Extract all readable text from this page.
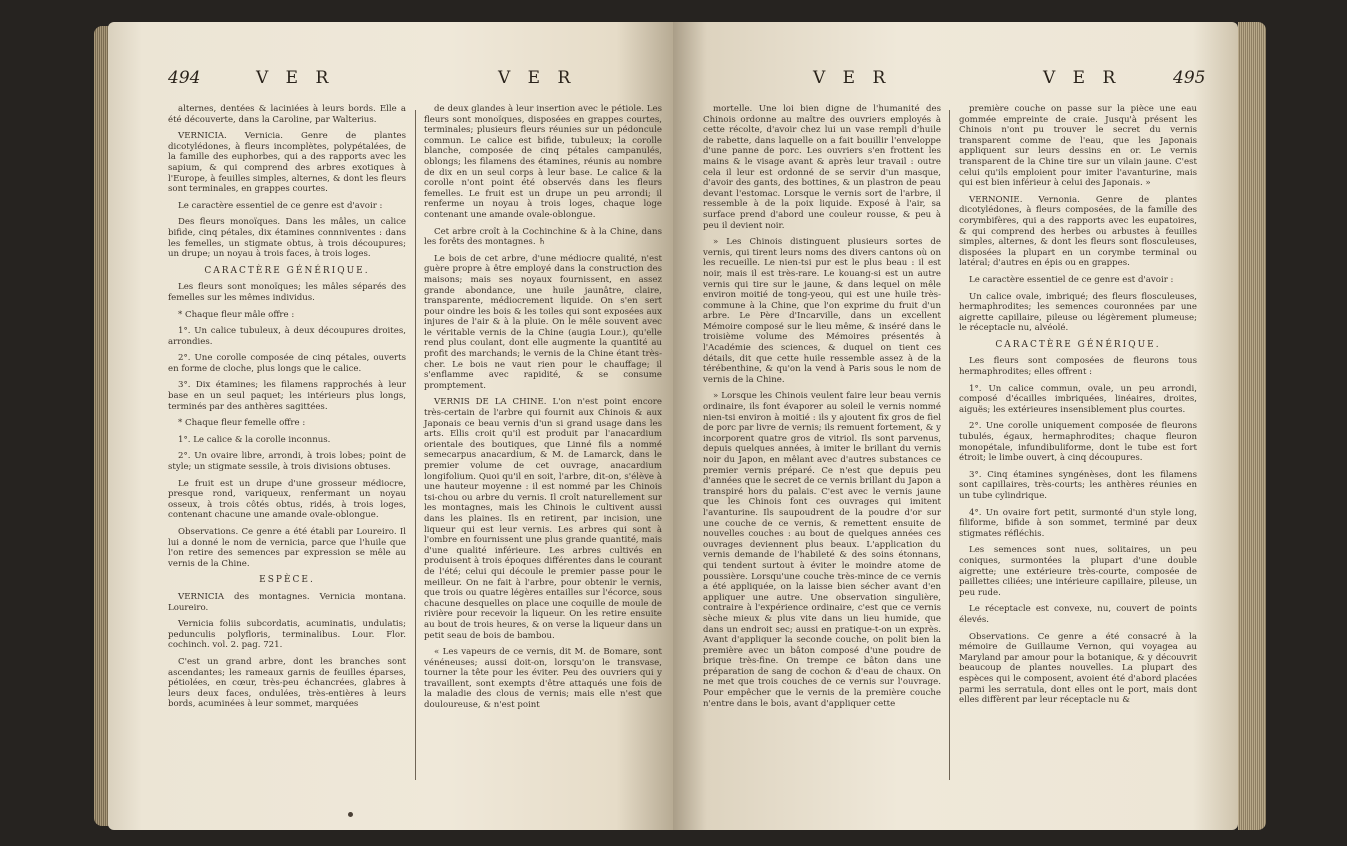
494	V E R	V E R

alternes, dentées & laciniées à leurs bords. Elle a été découverte, dans la Caroline, par Walterius.

VERNICIA. Vernicia. Genre de plantes dicotylédones, à fleurs incomplètes, polypétalées, de la famille des euphorbes, qui a des rapports avec les sapium, & qui comprend des arbres exotiques à l'Europe, à feuilles simples, alternes, & dont les fleurs sont terminales, en grappes courtes.

Le caractère essentiel de ce genre est d'avoir :

Des fleurs monoïques. Dans les mâles, un calice bifide, cinq pétales, dix étamines connniventes : dans les femelles, un stigmate obtus, à trois découpures; un drupe; un noyau à trois faces, à trois loges.

CARACTÈRE GÉNÉRIQUE.

Les fleurs sont monoïques; les mâles séparés des femelles sur les mêmes individus.

* Chaque fleur mâle offre :

1°. Un calice tubuleux, à deux découpures droites, arrondies.

2°. Une corolle composée de cinq pétales, ouverts en forme de cloche, plus longs que le calice.

3°. Dix étamines; les filamens rapprochés à leur base en un seul paquet; les intérieurs plus longs, terminés par des anthères sagittées.

* Chaque fleur femelle offre :

1°. Le calice & la corolle inconnus.

2°. Un ovaire libre, arrondi, à trois lobes; point de style; un stigmate sessile, à trois divisions obtuses.

Le fruit est un drupe d'une grosseur médiocre, presque rond, variqueux, renfermant un noyau osseux, à trois côtés obtus, ridés, à trois loges, contenant chacune une amande ovale-oblongue.

Observations. Ce genre a été établi par Loureiro. Il lui a donné le nom de vernicia, parce que l'huile que l'on retire des semences par expression se mêle au vernis de la Chine.

ESPÈCE.

VERNICIA des montagnes. Vernicia montana. Loureiro.

Vernicia foliis subcordatis, acuminatis, undulatis; pedunculis polyfloris, terminalibus. Lour. Flor. cochinch. vol. 2. pag. 721.

C'est un grand arbre, dont les branches sont ascendantes; les rameaux garnis de feuilles éparses, pétiolées, en cœur, très-peu échancrées, glabres à leurs deux faces, ondulées, très-entières à leurs bords, acuminées à leur sommet, marquées

de deux glandes à leur insertion avec le pétiole. Les fleurs sont monoïques, disposées en grappes courtes, terminales; plusieurs fleurs réunies sur un pédoncule commun. Le calice est bifide, tubuleux; la corolle blanche, composée de cinq pétales campanulés, oblongs; les filamens des étamines, réunis au nombre de dix en un seul corps à leur base. Le calice & la corolle n'ont point été observés dans les fleurs femelles. Le fruit est un drupe un peu arrondi; il renferme un noyau à trois loges, chaque loge contenant une amande ovale-oblongue.

Cet arbre croît à la Cochinchine & à la Chine, dans les forêts des montagnes. ♄

Le bois de cet arbre, d'une médiocre qualité, n'est guère propre à être employé dans la construction des maisons; mais ses noyaux fournissent, en assez grande abondance, une huile jaunâtre, claire, transparente, médiocrement liquide. On s'en sert pour oindre les bois & les toiles qui sont exposées aux injures de l'air & à la pluie. On le mêle souvent avec le véritable vernis de la Chine (augia Lour.), qu'elle rend plus coulant, dont elle augmente la quantité au profit des marchands; le vernis de la Chine étant très-cher. Le bois ne vaut rien pour le chauffage; il s'enflamme avec rapidité, & se consume promptement.

VERNIS DE LA CHINE. L'on n'est point encore très-certain de l'arbre qui fournit aux Chinois & aux Japonais ce beau vernis d'un si grand usage dans les arts. Ellis croit qu'il est produit par l'anacardium orientale des boutiques, que Linné fils a nommé semecarpus anacardium, & M. de Lamarck, dans le premier volume de cet ouvrage, anacardium longifolium. Quoi qu'il en soit, l'arbre, dit-on, s'élève à une hauteur moyenne : il est nommé par les Chinois tsi-chou ou arbre du vernis. Il croît naturellement sur les montagnes, mais les Chinois le cultivent aussi dans les plaines. Ils en retirent, par incision, une liqueur qui est leur vernis. Les arbres qui sont à l'ombre en fournissent une plus grande quantité, mais d'une qualité inférieure. Les arbres cultivés en produisent à trois époques différentes dans le courant de l'été; celui qui découle le premier passe pour le meilleur. On ne fait à l'arbre, pour obtenir le vernis, que trois ou quatre légères entailles sur l'écorce, sous chacune desquelles on place une coquille de moule de rivière pour recevoir la liqueur. On les retire ensuite au bout de trois heures, & on verse la liqueur dans un petit seau de bois de bambou.

« Les vapeurs de ce vernis, dit M. de Bomare, sont vénéneuses; aussi doit-on, lorsqu'on le transvase, tourner la tête pour les éviter. Peu des ouvriers qui y travaillent, sont exempts d'être attaqués une fois de la maladie des clous de vernis; mais elle n'est que douloureuse, & n'est point

V E R	V E R	495

mortelle. Une loi bien digne de l'humanité des Chinois ordonne au maître des ouvriers employés à cette récolte, d'avoir chez lui un vase rempli d'huile de rabette, dans laquelle on a fait bouillir l'enveloppe d'une panne de porc. Les ouvriers s'en frottent les mains & le visage avant & après leur travail : outre cela il leur est ordonné de se servir d'un masque, d'avoir des gants, des bottines, & un plastron de peau devant l'estomac. Lorsque le vernis sort de l'arbre, il ressemble à de la poix liquide. Exposé à l'air, sa surface prend d'abord une couleur rousse, & peu à peu il devient noir.

» Les Chinois distinguent plusieurs sortes de vernis, qui tirent leurs noms des divers cantons où on les recueille. Le nien-tsi pur est le plus beau : il est noir, mais il est très-rare. Le kouang-si est un autre vernis qui tire sur le jaune, & dans lequel on mêle environ moitié de tong-yeou, qui est une huile très-commune à la Chine, que l'on exprime du fruit d'un arbre. Le Père d'Incarville, dans un excellent Mémoire composé sur le lieu même, & inséré dans le troisième volume des Mémoires présentés à l'Académie des sciences, & duquel on tient ces détails, dit que cette huile ressemble assez à de la térébenthine, & qu'on la vend à Paris sous le nom de vernis de la Chine.

» Lorsque les Chinois veulent faire leur beau vernis ordinaire, ils font évaporer au soleil le vernis nommé nien-tsi environ à moitié : ils y ajoutent fix gros de fiel de porc par livre de vernis; ils remuent fortement, & y incorporent quatre gros de vitriol. Ils sont parvenus, depuis quelques années, à imiter le brillant du vernis noir du Japon, en mêlant avec d'autres substances ce premier vernis préparé. Ce n'est que depuis peu d'années que le secret de ce vernis brillant du Japon a transpiré hors du palais. C'est avec le vernis jaune que les Chinois font ces ouvrages qui imitent l'avanturine. Ils saupoudrent de la poudre d'or sur une couche de ce vernis, & remettent ensuite de nouvelles couches : au bout de quelques années ces ouvrages deviennent plus beaux. L'application du vernis demande de l'habileté & des soins étonnans, qui tendent surtout à éviter le moindre atome de poussière. Lorsqu'une couche très-mince de ce vernis a été appliquée, on la laisse bien sécher avant d'en appliquer une autre. Une observation singulière, contraire à l'expérience ordinaire, c'est que ce vernis sèche mieux & plus vite dans un lieu humide, que dans un endroit sec; aussi en pratique-t-on un exprès. Avant d'appliquer la seconde couche, on polit bien la première avec un bâton composé d'une poudre de brique très-fine. On trempe ce bâton dans une préparation de sang de cochon & d'eau de chaux. On ne met que trois couches de ce vernis sur l'ouvrage. Pour empêcher que le vernis de la première couche n'entre dans le bois, avant d'appliquer cette

première couche on passe sur la pièce une eau gommée empreinte de craie. Jusqu'à présent les Chinois n'ont pu trouver le secret du vernis transparent comme de l'eau, que les Japonais appliquent sur leurs dessins en or. Le vernis transparent de la Chine tire sur un vilain jaune. C'est celui qu'ils emploient pour imiter l'avanturine, mais qui est bien inférieur à celui des Japonais. »

VERNONIE. Vernonia. Genre de plantes dicotylédones, à fleurs composées, de la famille des corymbifères, qui a des rapports avec les eupatoires, & qui comprend des herbes ou arbustes à feuilles simples, alternes, & dont les fleurs sont flosculeuses, disposées la plupart en un corymbe terminal ou latéral; d'autres en épis ou en grappes.

Le caractère essentiel de ce genre est d'avoir :

Un calice ovale, imbriqué; des fleurs flosculeuses, hermaphrodites; les semences couronnées par une aigrette capillaire, pileuse ou légèrement plumeuse; le réceptacle nu, alvéolé.

CARACTÈRE GÉNÉRIQUE.

Les fleurs sont composées de fleurons tous hermaphrodites; elles offrent :

1°. Un calice commun, ovale, un peu arrondi, composé d'écailles imbriquées, linéaires, droites, aiguës; les extérieures insensiblement plus courtes.

2°. Une corolle uniquement composée de fleurons tubulés, égaux, hermaphrodites; chaque fleuron monopétale, infundibuliforme, dont le tube est fort étroit; le limbe ouvert, à cinq découpures.

3°. Cinq étamines syngénèses, dont les filamens sont capillaires, très-courts; les anthères réunies en un tube cylindrique.

4°. Un ovaire fort petit, surmonté d'un style long, filiforme, bifide à son sommet, terminé par deux stigmates réfléchis.

Les semences sont nues, solitaires, un peu coniques, surmontées la plupart d'une double aigrette; une extérieure très-courte, composée de paillettes ciliées; une intérieure capillaire, pileuse, un peu rude.

Le réceptacle est convexe, nu, couvert de points élevés.

Observations. Ce genre a été consacré à la mémoire de Guillaume Vernon, qui voyagea au Maryland par amour pour la botanique, & y découvrit beaucoup de plantes nouvelles. La plupart des espèces qui le composent, avoient été d'abord placées parmi les serratula, dont elles ont le port, mais dont elles diffèrent par leur réceptacle nu &
